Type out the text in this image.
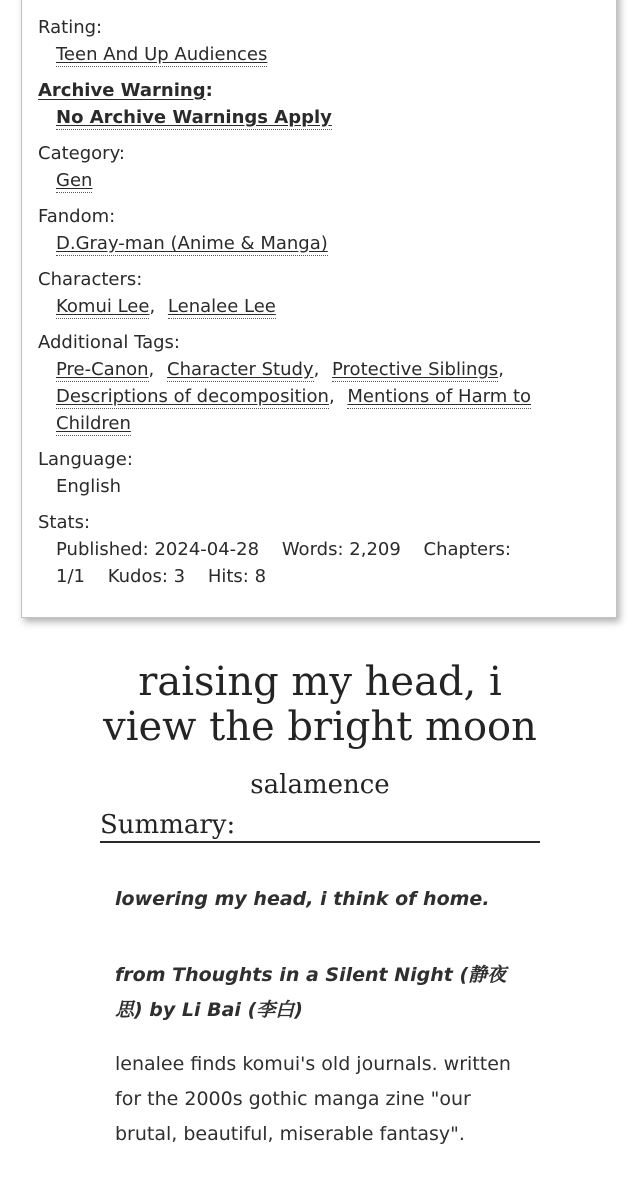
Rating:
Teen And Up Audiences
Archive Warning:
No Archive Warnings Apply
Category:
Gen
Fandom:
D.Gray-man (Anime & Manga)
Characters:
Komui Lee, Lenalee Lee
Additional Tags:
Pre-Canon, Character Study, Protective Siblings, Descriptions of decomposition, Mentions of Harm to Children
Language:
English
Stats:
Published: 2024-04-28 Words: 2,209 Chapters: 1/1 Kudos: 3 Hits: 8
raising my head, i view the bright moon
salamence
Summary:

lowering my head, i think of home.

from Thoughts in a Silent Night (静夜思) by Li Bai (李白)

lenalee finds komui's old journals. written for the 2000s gothic manga zine "our brutal, beautiful, miserable fantasy".
